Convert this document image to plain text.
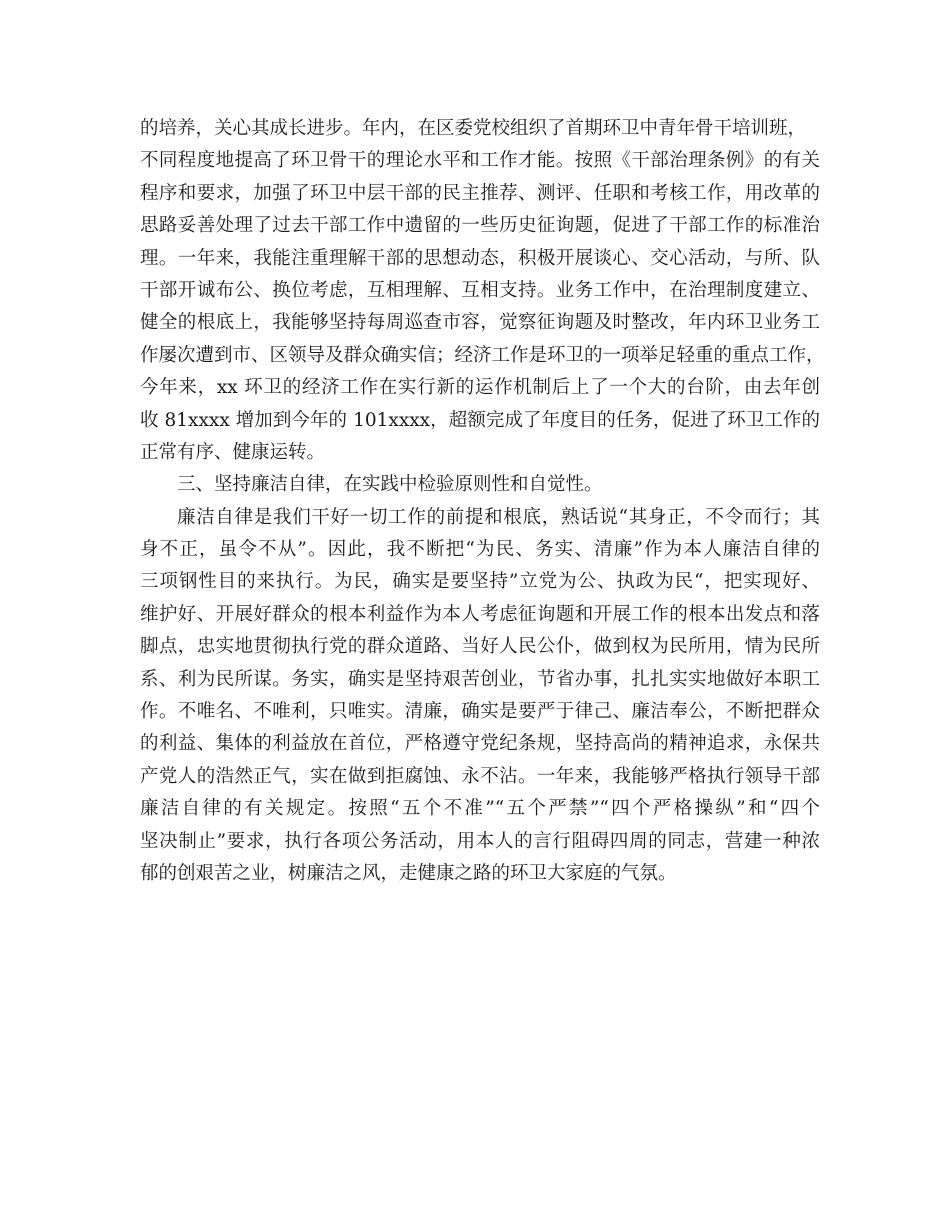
的培养，关心其成长进步。年内，在区委党校组织了首期环卫中青年骨干培训班，
不同程度地提高了环卫骨干的理论水平和工作才能。按照《干部治理条例》的有关
程序和要求，加强了环卫中层干部的民主推荐、测评、任职和考核工作，用改革的
思路妥善处理了过去干部工作中遗留的一些历史征询题，促进了干部工作的标准治
理。一年来，我能注重理解干部的思想动态，积极开展谈心、交心活动，与所、队
干部开诚布公、换位考虑，互相理解、互相支持。业务工作中，在治理制度建立、
健全的根底上，我能够坚持每周巡查市容，觉察征询题及时整改，年内环卫业务工
作屡次遭到市、区领导及群众确实信；经济工作是环卫的一项举足轻重的重点工作，
今年来，xx 环卫的经济工作在实行新的运作机制后上了一个大的台阶，由去年创
收 81xxxx 增加到今年的 101xxxx，超额完成了年度目的任务，促进了环卫工作的
正常有序、健康运转。
三、坚持廉洁自律，在实践中检验原则性和自觉性。
廉洁自律是我们干好一切工作的前提和根底，熟话说“其身正，不令而行；其
身不正，虽令不从”。因此，我不断把“为民、务实、清廉”作为本人廉洁自律的
三项钢性目的来执行。为民，确实是要坚持”立党为公、执政为民“，把实现好、
维护好、开展好群众的根本利益作为本人考虑征询题和开展工作的根本出发点和落
脚点，忠实地贯彻执行党的群众道路、当好人民公仆，做到权为民所用，情为民所
系、利为民所谋。务实，确实是坚持艰苦创业，节省办事，扎扎实实地做好本职工
作。不唯名、不唯利，只唯实。清廉，确实是要严于律己、廉洁奉公，不断把群众
的利益、集体的利益放在首位，严格遵守党纪条规，坚持高尚的精神追求，永保共
产党人的浩然正气，实在做到拒腐蚀、永不沾。一年来，我能够严格执行领导干部
廉洁自律的有关规定。按照“五个不准”“五个严禁”“四个严格操纵”和“四个
坚决制止”要求，执行各项公务活动，用本人的言行阻碍四周的同志，营建一种浓
郁的创艰苦之业，树廉洁之风，走健康之路的环卫大家庭的气氛。
